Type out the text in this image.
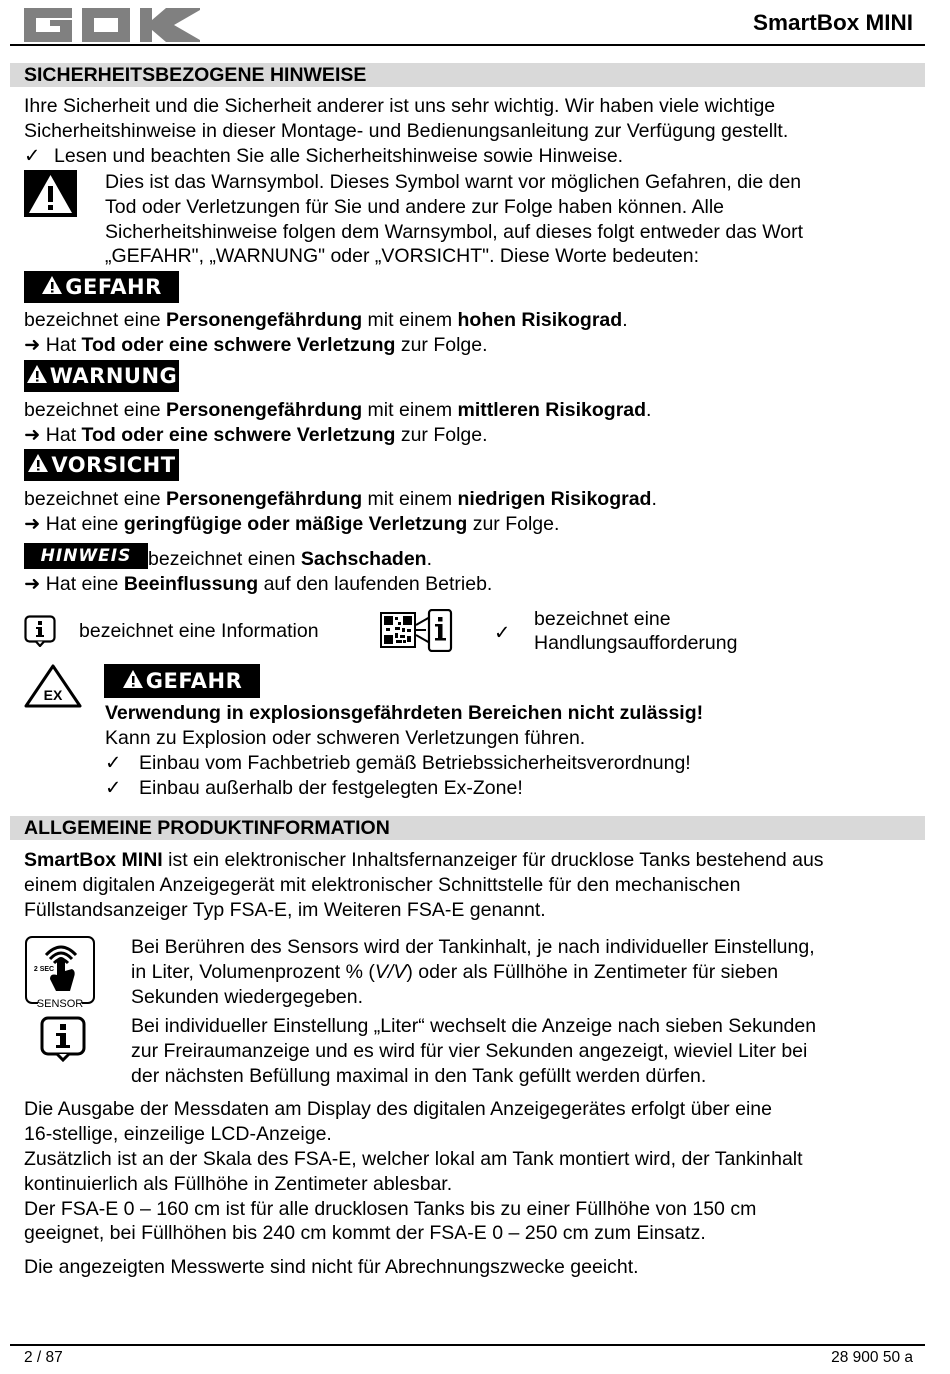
SmartBox MINI
SICHERHEITSBEZOGENE HINWEISE
Ihre Sicherheit und die Sicherheit anderer ist uns sehr wichtig. Wir haben viele wichtige
Sicherheitshinweise in dieser Montage- und Bedienungsanleitung zur Verfügung gestellt.
✓ Lesen und beachten Sie alle Sicherheitshinweise sowie Hinweise.
Dies ist das Warnsymbol. Dieses Symbol warnt vor möglichen Gefahren, die den
Tod oder Verletzungen für Sie und andere zur Folge haben können. Alle
Sicherheitshinweise folgen dem Warnsymbol, auf dieses folgt entweder das Wort
„GEFAHR", „WARNUNG" oder „VORSICHT". Diese Worte bedeuten:
GEFAHR
bezeichnet eine Personengefährdung mit einem hohen Risikograd.
➜ Hat Tod oder eine schwere Verletzung zur Folge.
WARNUNG
bezeichnet eine Personengefährdung mit einem mittleren Risikograd.
➜ Hat Tod oder eine schwere Verletzung zur Folge.
VORSICHT
bezeichnet eine Personengefährdung mit einem niedrigen Risikograd.
➜ Hat eine geringfügige oder mäßige Verletzung zur Folge.
HINWEIS bezeichnet einen Sachschaden.
➜ Hat eine Beeinflussung auf den laufenden Betrieb.
bezeichnet eine Information	✓
bezeichnet eine
Handlungsaufforderung
EX
GEFAHR
Verwendung in explosionsgefährdeten Bereichen nicht zulässig!
Kann zu Explosion oder schweren Verletzungen führen.
✓ Einbau vom Fachbetrieb gemäß Betriebssicherheitsverordnung!
✓ Einbau außerhalb der festgelegten Ex-Zone!
ALLGEMEINE PRODUKTINFORMATION
SmartBox MINI ist ein elektronischer Inhaltsfernanzeiger für drucklose Tanks bestehend aus
einem digitalen Anzeigegerät mit elektronischer Schnittstelle für den mechanischen
Füllstandsanzeiger Typ FSA-E, im Weiteren FSA-E genannt.
2 SEC
SENSOR
Bei Berühren des Sensors wird der Tankinhalt, je nach individueller Einstellung,
in Liter, Volumenprozent % (V/V) oder als Füllhöhe in Zentimeter für sieben
Sekunden wiedergegeben.
Bei individueller Einstellung „Liter“ wechselt die Anzeige nach sieben Sekunden
zur Freiraumanzeige und es wird für vier Sekunden angezeigt, wieviel Liter bei
der nächsten Befüllung maximal in den Tank gefüllt werden dürfen.
Die Ausgabe der Messdaten am Display des digitalen Anzeigegerätes erfolgt über eine
16-stellige, einzeilige LCD-Anzeige.
Zusätzlich ist an der Skala des FSA-E, welcher lokal am Tank montiert wird, der Tankinhalt
kontinuierlich als Füllhöhe in Zentimeter ablesbar.
Der FSA-E 0 – 160 cm ist für alle drucklosen Tanks bis zu einer Füllhöhe von 150 cm
geeignet, bei Füllhöhen bis 240 cm kommt der FSA-E 0 – 250 cm zum Einsatz.
Die angezeigten Messwerte sind nicht für Abrechnungszwecke geeicht.
2 / 87	28 900 50 a
